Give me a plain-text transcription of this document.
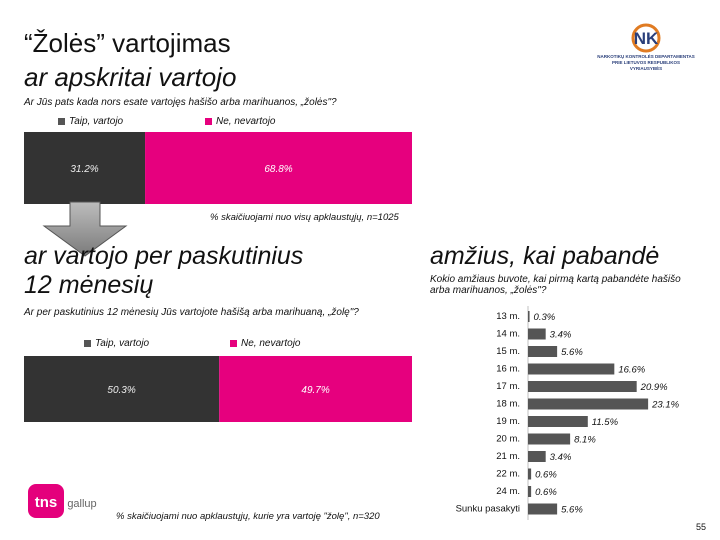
“Žolės” vartojimas
ar apskritai vartojo
NK
NARKOTIKŲ KONTROLĖS DEPARTAMENTAS
PRIE LIETUVOS RESPUBLIKOS VYRIAUSYBĖS
Ar Jūs pats kada nors esate vartojęs hašišo arba marihuanos, „žolės"?
Taip, vartojo	Ne, nevartojo
31.2%	68.8%
% skaičiuojami nuo visų apklaustųjų, n=1025
ar vartojo per paskutinius
12 mėnesių
Ar per paskutinius 12 mėnesių Jūs vartojote hašišą arba marihuaną, „žolę"?
Taip, vartojo	Ne, nevartojo
50.3%	49.7%
tns gallup
% skaičiuojami nuo apklaustųjų, kurie yra vartoję "žolę", n=320
amžius, kai pabandė
Kokio amžiaus buvote, kai pirmą kartą pabandėte hašišo
arba marihuanos, „žolės"?
13 m. 0.3%
14 m.	3.4%
15 m.	5.6%
16 m.	16.6%
17 m.	20.9%
18 m.	23.1%
19 m.	11.5%
20 m.	8.1%
21 m.	3.4%
22 m. 0.6%
24 m. 0.6%
Sunku pasakyti	5.6%
55
